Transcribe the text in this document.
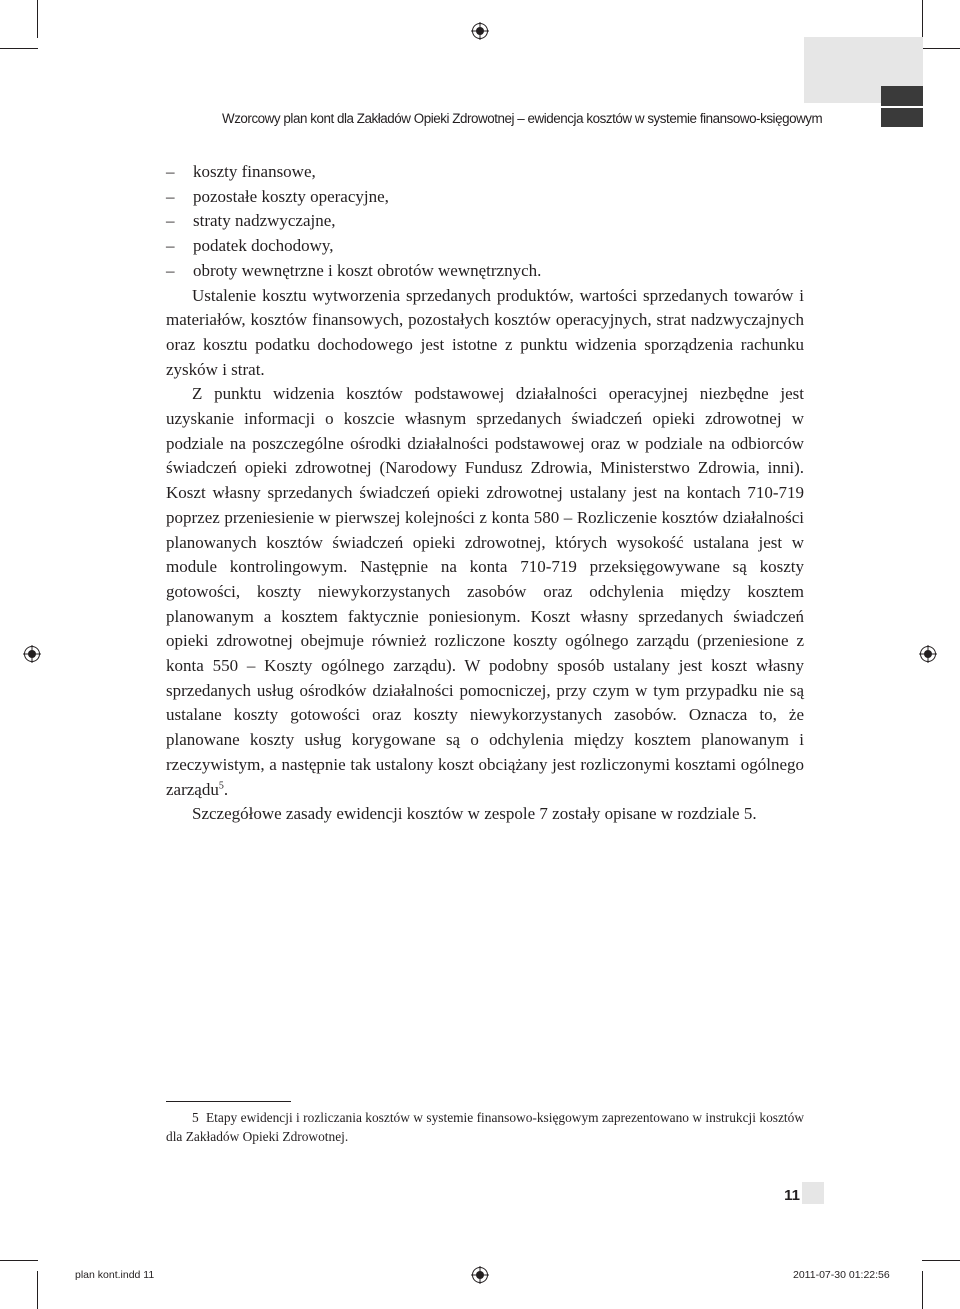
Wzorcowy plan kont dla Zakładów Opieki Zdrowotnej – ewidencja kosztów w systemie finansowo-księgowym
– koszty finansowe,
– pozostałe koszty operacyjne,
– straty nadzwyczajne,
– podatek dochodowy,
– obroty wewnętrzne i koszt obrotów wewnętrznych.

Ustalenie kosztu wytworzenia sprzedanych produktów, wartości sprzedanych towarów i materiałów, kosztów finansowych, pozostałych kosztów operacyjnych, strat nadzwyczajnych oraz kosztu podatku dochodowego jest istotne z punktu widzenia sporządzenia rachunku zysków i strat.

Z punktu widzenia kosztów podstawowej działalności operacyjnej niezbędne jest uzyskanie informacji o koszcie własnym sprzedanych świadczeń opieki zdrowotnej w podziale na poszczególne ośrodki działalności podstawowej oraz w podziale na odbiorców świadczeń opieki zdrowotnej (Narodowy Fundusz Zdrowia, Ministerstwo Zdrowia, inni). Koszt własny sprzedanych świadczeń opieki zdrowotnej ustalany jest na kontach 710-719 poprzez przeniesienie w pierwszej kolejności z konta 580 – Rozliczenie kosztów działalności planowanych kosztów świadczeń opieki zdrowotnej, których wysokość ustalana jest w module kontrolingowym. Następnie na konta 710-719 przeksięgowywane są koszty gotowości, koszty niewykorzystanych zasobów oraz odchylenia między kosztem planowanym a kosztem faktycznie poniesionym. Koszt własny sprzedanych świadczeń opieki zdrowotnej obejmuje również rozliczone koszty ogólnego zarządu (przeniesione z konta 550 – Koszty ogólnego zarządu). W podobny sposób ustalany jest koszt własny sprzedanych usług ośrodków działalności pomocniczej, przy czym w tym przypadku nie są ustalane koszty gotowości oraz koszty niewykorzystanych zasobów. Oznacza to, że planowane koszty usług korygowane są o odchylenia między kosztem planowanym i rzeczywistym, a następnie tak ustalony koszt obciążany jest rozliczonymi kosztami ogólnego zarządu$^5$.

Szczegółowe zasady ewidencji kosztów w zespole 7 zostały opisane w rozdziale 5.

5 Etapy ewidencji i rozliczania kosztów w systemie finansowo-księgowym zaprezentowano w instrukcji kosztów dla Zakładów Opieki Zdrowotnej.
11
plan kont.indd 11	2011-07-30 01:22:56
